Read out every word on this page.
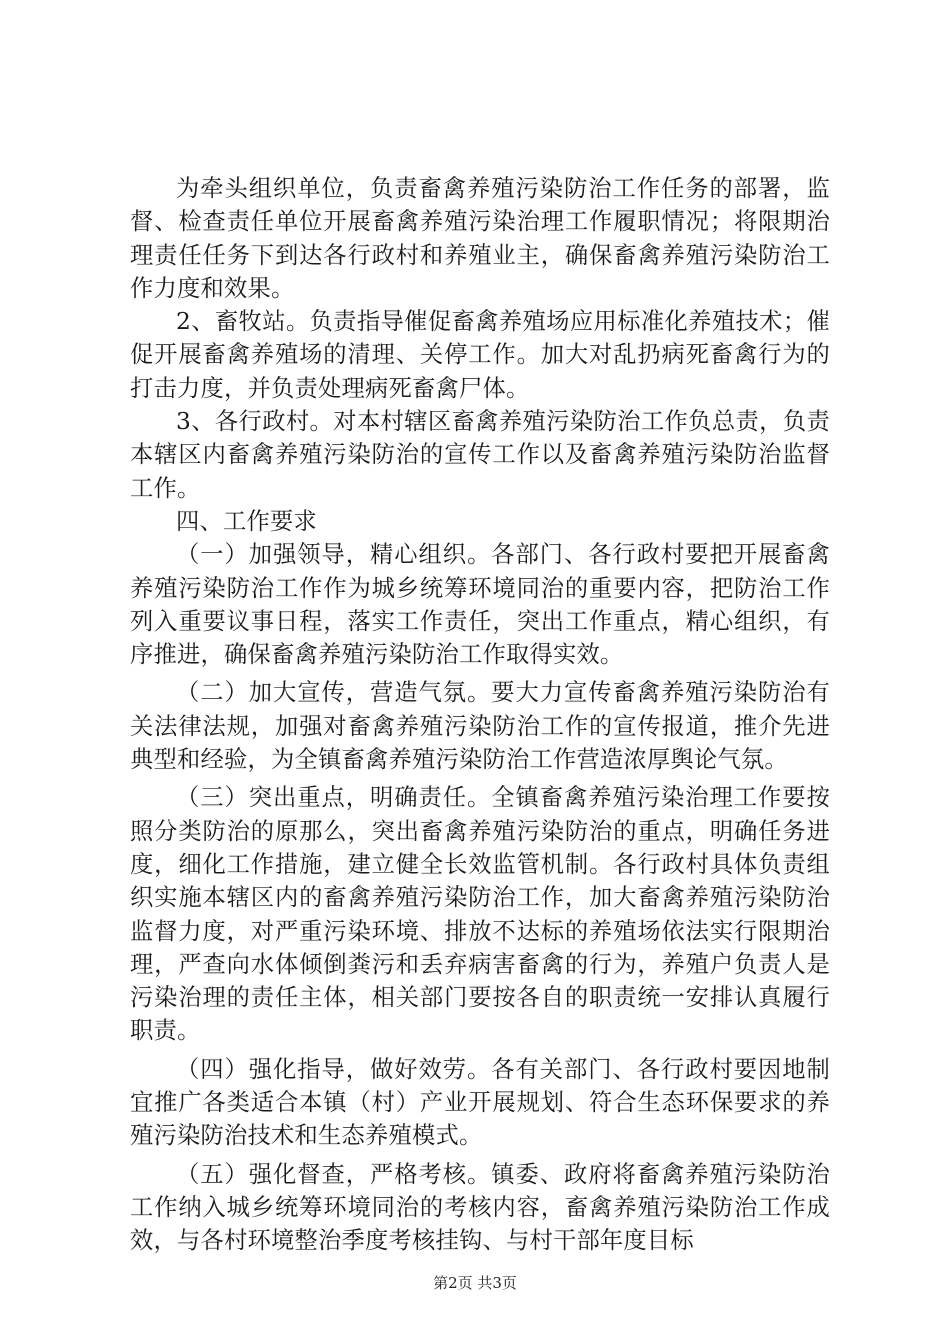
为牵头组织单位，负责畜禽养殖污染防治工作任务的部署，监督、检查责任单位开展畜禽养殖污染治理工作履职情况；将限期治理责任任务下到达各行政村和养殖业主，确保畜禽养殖污染防治工作力度和效果。

2、畜牧站。负责指导催促畜禽养殖场应用标准化养殖技术；催促开展畜禽养殖场的清理、关停工作。加大对乱扔病死畜禽行为的打击力度，并负责处理病死畜禽尸体。

3、各行政村。对本村辖区畜禽养殖污染防治工作负总责，负责本辖区内畜禽养殖污染防治的宣传工作以及畜禽养殖污染防治监督工作。

四、工作要求

（一）加强领导，精心组织。各部门、各行政村要把开展畜禽养殖污染防治工作作为城乡统筹环境同治的重要内容，把防治工作列入重要议事日程，落实工作责任，突出工作重点，精心组织，有序推进，确保畜禽养殖污染防治工作取得实效。

（二）加大宣传，营造气氛。要大力宣传畜禽养殖污染防治有关法律法规，加强对畜禽养殖污染防治工作的宣传报道，推介先进典型和经验，为全镇畜禽养殖污染防治工作营造浓厚舆论气氛。

（三）突出重点，明确责任。全镇畜禽养殖污染治理工作要按照分类防治的原那么，突出畜禽养殖污染防治的重点，明确任务进度，细化工作措施，建立健全长效监管机制。各行政村具体负责组织实施本辖区内的畜禽养殖污染防治工作，加大畜禽养殖污染防治监督力度，对严重污染环境、排放不达标的养殖场依法实行限期治理，严查向水体倾倒粪污和丢弃病害畜禽的行为，养殖户负责人是污染治理的责任主体，相关部门要按各自的职责统一安排认真履行职责。

（四）强化指导，做好效劳。各有关部门、各行政村要因地制宜推广各类适合本镇（村）产业开展规划、符合生态环保要求的养殖污染防治技术和生态养殖模式。

（五）强化督查，严格考核。镇委、政府将畜禽养殖污染防治工作纳入城乡统筹环境同治的考核内容，畜禽养殖污染防治工作成效，与各村环境整治季度考核挂钩、与村干部年度目标

第2页 共3页
